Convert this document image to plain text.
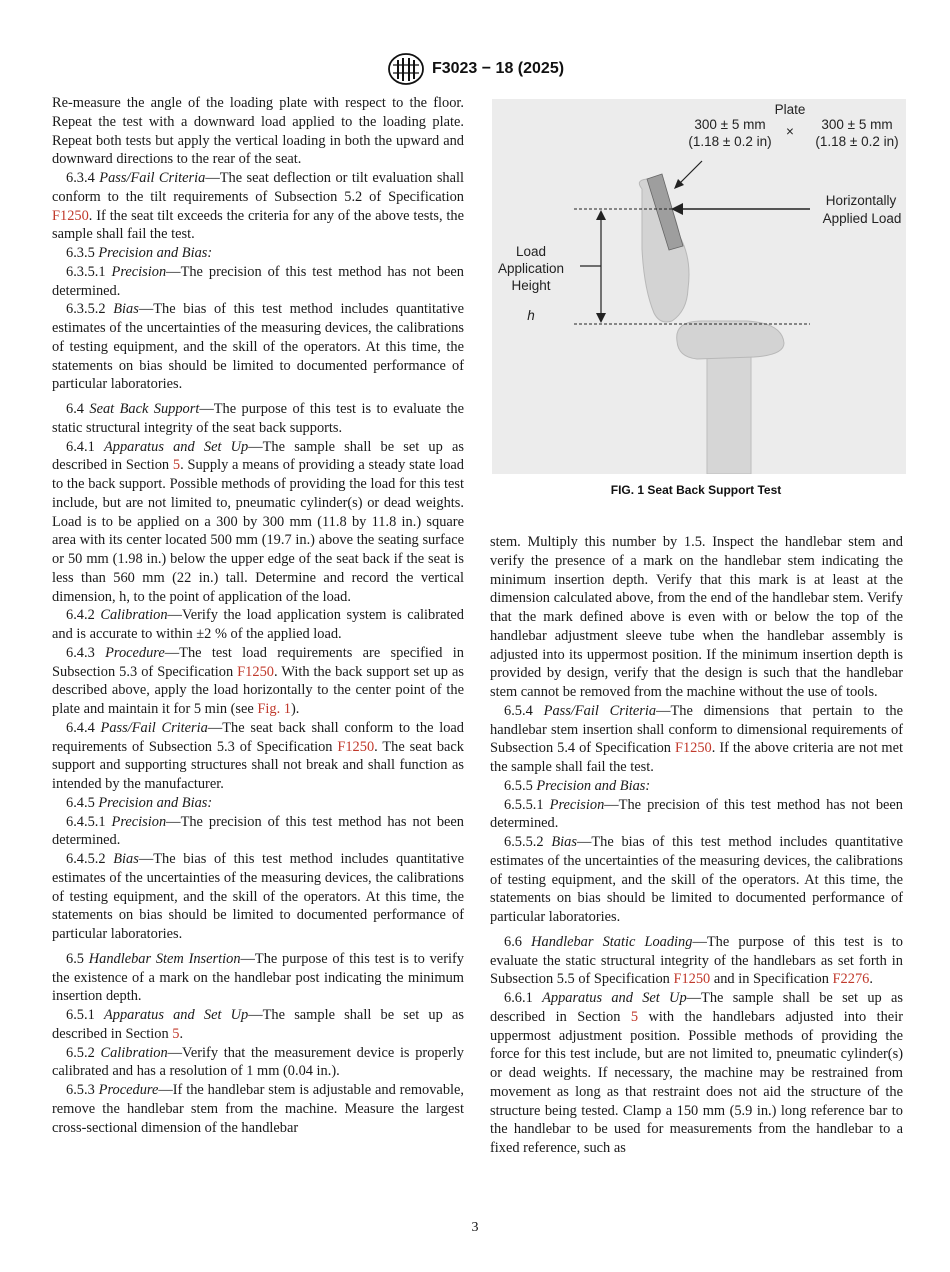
F3023 − 18 (2025)

Re-measure the angle of the loading plate with respect to the floor. Repeat the test with a downward load applied to the loading plate. Repeat both tests but apply the vertical loading in both the upward and downward directions to the rear of the seat.

6.3.4 Pass/Fail Criteria—The seat deflection or tilt evaluation shall conform to the tilt requirements of Subsection 5.2 of Specification F1250. If the seat tilt exceeds the criteria for any of the above tests, the sample shall fail the test.

6.3.5 Precision and Bias:

6.3.5.1 Precision—The precision of this test method has not been determined.

6.3.5.2 Bias—The bias of this test method includes quantitative estimates of the uncertainties of the measuring devices, the calibrations of testing equipment, and the skill of the operators. At this time, the statements on bias should be limited to documented performance of particular laboratories.

6.4 Seat Back Support—The purpose of this test is to evaluate the static structural integrity of the seat back supports.

6.4.1 Apparatus and Set Up—The sample shall be set up as described in Section 5. Supply a means of providing a steady state load to the back support. Possible methods of providing the load for this test include, but are not limited to, pneumatic cylinder(s) or dead weights. Load is to be applied on a 300 by 300 mm (11.8 by 11.8 in.) square area with its center located 500 mm (19.7 in.) above the seating surface or 50 mm (1.98 in.) below the upper edge of the seat back if the seat is less than 560 mm (22 in.) tall. Determine and record the vertical dimension, h, to the point of application of the load.

6.4.2 Calibration—Verify the load application system is calibrated and is accurate to within ±2 % of the applied load.

6.4.3 Procedure—The test load requirements are specified in Subsection 5.3 of Specification F1250. With the back support set up as described above, apply the load horizontally to the center point of the plate and maintain it for 5 min (see Fig. 1).

6.4.4 Pass/Fail Criteria—The seat back shall conform to the load requirements of Subsection 5.3 of Specification F1250. The seat back support and supporting structures shall not break and shall function as intended by the manufacturer.

6.4.5 Precision and Bias:

6.4.5.1 Precision—The precision of this test method has not been determined.

6.4.5.2 Bias—The bias of this test method includes quantitative estimates of the uncertainties of the measuring devices, the calibrations of testing equipment, and the skill of the operators. At this time, the statements on bias should be limited to documented performance of particular laboratories.

6.5 Handlebar Stem Insertion—The purpose of this test is to verify the existence of a mark on the handlebar post indicating the minimum insertion depth.

6.5.1 Apparatus and Set Up—The sample shall be set up as described in Section 5.

6.5.2 Calibration—Verify that the measurement device is properly calibrated and has a resolution of 1 mm (0.04 in.).

6.5.3 Procedure—If the handlebar stem is adjustable and removable, remove the handlebar stem from the machine. Measure the largest cross-sectional dimension of the handlebar

Plate
300 ± 5 mm
(1.18 ± 0.2 in)
× 300 ± 5 mm
(1.18 ± 0.2 in)
Horizontally
Applied Load
Load
Application
Height
h
FIG. 1 Seat Back Support Test

stem. Multiply this number by 1.5. Inspect the handlebar stem and verify the presence of a mark on the handlebar stem indicating the minimum insertion depth. Verify that this mark is at least at the dimension calculated above, from the end of the handlebar stem. Verify that the mark defined above is even with or below the top of the handlebar adjustment sleeve tube when the handlebar assembly is adjusted into its uppermost position. If the minimum insertion depth is provided by design, verify that the design is such that the handlebar stem cannot be removed from the machine without the use of tools.

6.5.4 Pass/Fail Criteria—The dimensions that pertain to the handlebar stem insertion shall conform to dimensional requirements of Subsection 5.4 of Specification F1250. If the above criteria are not met the sample shall fail the test.

6.5.5 Precision and Bias:

6.5.5.1 Precision—The precision of this test method has not been determined.

6.5.5.2 Bias—The bias of this test method includes quantitative estimates of the uncertainties of the measuring devices, the calibrations of testing equipment, and the skill of the operators. At this time, the statements on bias should be limited to documented performance of particular laboratories.

6.6 Handlebar Static Loading—The purpose of this test is to evaluate the static structural integrity of the handlebars as set forth in Subsection 5.5 of Specification F1250 and in Specification F2276.

6.6.1 Apparatus and Set Up—The sample shall be set up as described in Section 5 with the handlebars adjusted into their uppermost adjustment position. Possible methods of providing the force for this test include, but are not limited to, pneumatic cylinder(s) or dead weights. If necessary, the machine may be restrained from movement as long as that restraint does not aid the structure of the structure being tested. Clamp a 150 mm (5.9 in.) long reference bar to the handlebar to be used for measurements from the handlebar to a fixed reference, such as

3
